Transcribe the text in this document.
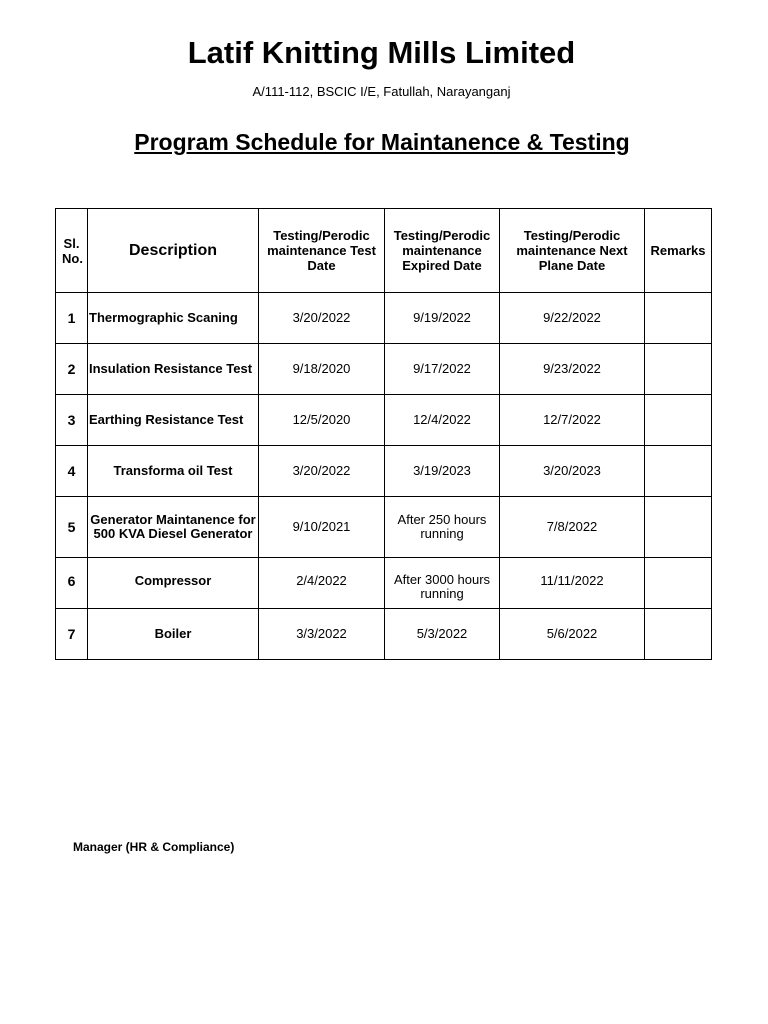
Latif Knitting Mills Limited
A/111-112, BSCIC I/E, Fatullah, Narayanganj
Program Schedule for Maintanence & Testing
Sl. No.	Description	Testing/Perodic maintenance Test Date	Testing/Perodic maintenance Expired Date	Testing/Perodic maintenance Next Plane Date	Remarks
1	Thermographic Scaning	3/20/2022	9/19/2022	9/22/2022	
2	Insulation Resistance Test	9/18/2020	9/17/2022	9/23/2022	
3	Earthing Resistance Test	12/5/2020	12/4/2022	12/7/2022	
4	Transforma oil Test	3/20/2022	3/19/2023	3/20/2023	
5	Generator Maintanence for 500 KVA Diesel Generator	9/10/2021	After 250 hours running	7/8/2022	
6	Compressor	2/4/2022	After 3000 hours running	11/11/2022	
7	Boiler	3/3/2022	5/3/2022	5/6/2022	
Manager (HR & Compliance)
